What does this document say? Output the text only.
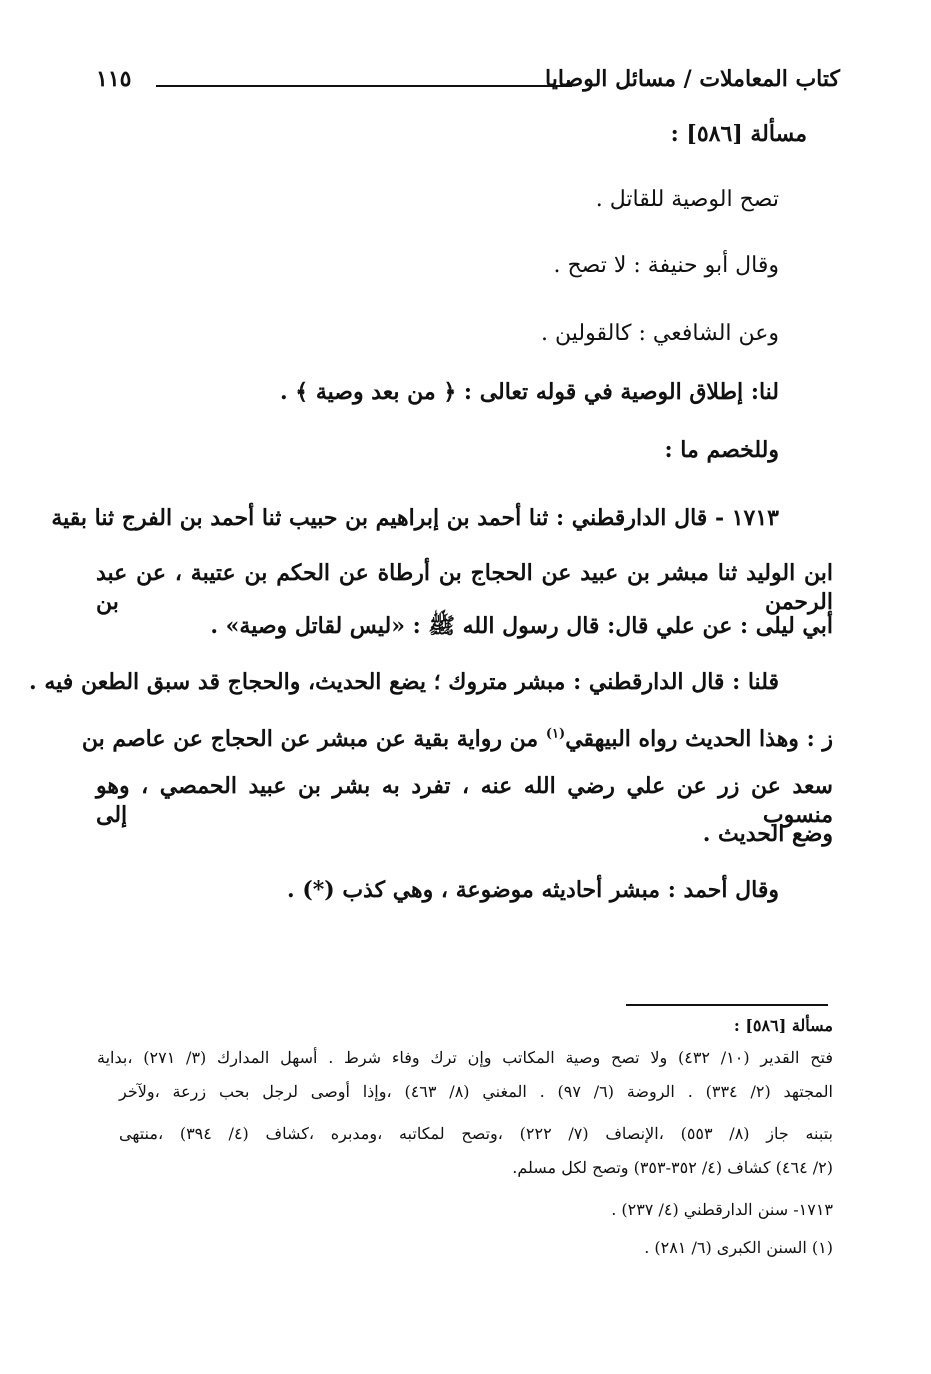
كتاب المعاملات / مسائل الوصايا
١١٥
مسألة [٥٨٦] :
تصح الوصية للقاتل .
وقال أبو حنيفة : لا تصح .
وعن الشافعي : كالقولين .
لنا: إطلاق الوصية في قوله تعالى : ﴿ من بعد وصية ﴾ .
وللخصم ما :
١٧١٣ - قال الدارقطني : ثنا أحمد بن إبراهيم بن حبيب ثنا أحمد بن الفرج ثنا بقية
ابن الوليد ثنا مبشر بن عبيد عن الحجاج بن أرطاة عن الحكم بن عتيبة ، عن عبد الرحمن بن
أبي ليلى : عن علي قال: قال رسول الله ﷺ : «ليس لقاتل وصية» .
قلنا : قال الدارقطني : مبشر متروك ؛ يضع الحديث، والحجاج قد سبق الطعن فيه .
ز : وهذا الحديث رواه البيهقي$^{(١)}$ من رواية بقية عن مبشر عن الحجاج عن عاصم بن
سعد عن زر عن علي رضي الله عنه ، تفرد به بشر بن عبيد الحمصي ، وهو منسوب إلى
وضع الحديث .
وقال أحمد : مبشر أحاديثه موضوعة ، وهي كذب (*) .
مسألة [٥٨٦] :
فتح القدير (١٠/ ٤٣٢) ولا تصح وصية المكاتب وإن ترك وفاء شرط . أسهل المدارك (٣/ ٢٧١) ،بداية
المجتهد (٢/ ٣٣٤) . الروضة (٦/ ٩٧) . المغني (٨/ ٤٦٣) ،وإذا أوصى لرجل بحب زرعة ،ولآخر
بتبنه جاز (٨/ ٥٥٣) ،الإنصاف (٧/ ٢٢٢) ،وتصح لمكاتبه ،ومدبره ،كشاف (٤/ ٣٩٤) ،منتهى
(٢/ ٤٦٤) كشاف (٤/ ٣٥٢-٣٥٣) وتصح لكل مسلم.
١٧١٣- سنن الدارقطني (٤/ ٢٣٧) .
(١) السنن الكبرى (٦/ ٢٨١) .
